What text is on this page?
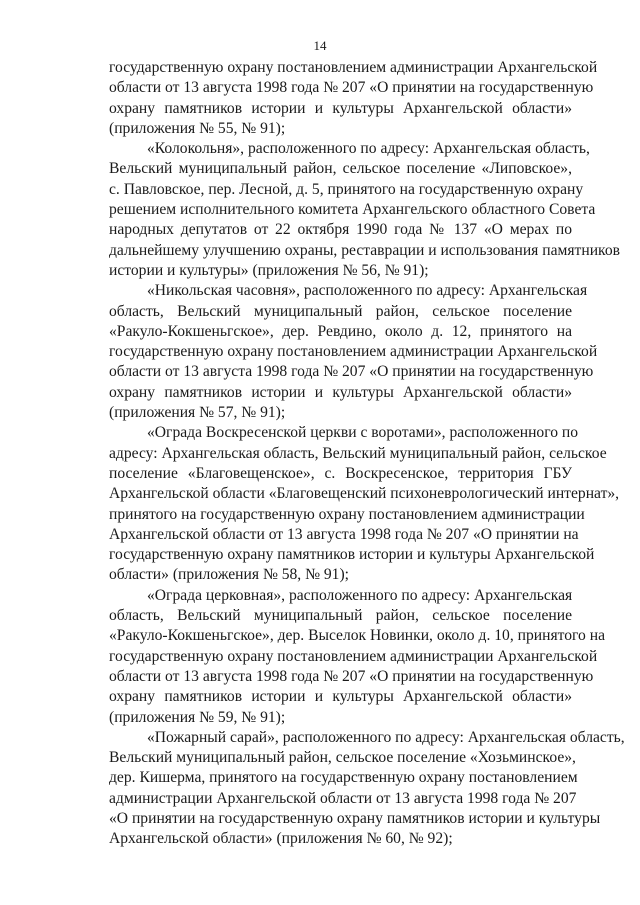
14

государственную охрану постановлением администрации Архангельской
области от 13 августа 1998 года № 207 «О принятии на государственную
охрану памятников истории и культуры Архангельской области»
(приложения № 55, № 91);

«Колокольня», расположенного по адресу: Архангельская область,
Вельский муниципальный район, сельское поселение «Липовское»,
с. Павловское, пер. Лесной, д. 5, принятого на государственную охрану
решением исполнительного комитета Архангельского областного Совета
народных депутатов от 22 октября 1990 года № 137 «О мерах по
дальнейшему улучшению охраны, реставрации и использования памятников
истории и культуры» (приложения № 56, № 91);

«Никольская часовня», расположенного по адресу: Архангельская
область, Вельский муниципальный район, сельское поселение
«Ракуло-Кокшеньгское», дер. Ревдино, около д. 12, принятого на
государственную охрану постановлением администрации Архангельской
области от 13 августа 1998 года № 207 «О принятии на государственную
охрану памятников истории и культуры Архангельской области»
(приложения № 57, № 91);

«Ограда Воскресенской церкви с воротами», расположенного по
адресу: Архангельская область, Вельский муниципальный район, сельское
поселение «Благовещенское», с. Воскресенское, территория ГБУ
Архангельской области «Благовещенский психоневрологический интернат»,
принятого на государственную охрану постановлением администрации
Архангельской области от 13 августа 1998 года № 207 «О принятии на
государственную охрану памятников истории и культуры Архангельской
области» (приложения № 58, № 91);

«Ограда церковная», расположенного по адресу: Архангельская
область, Вельский муниципальный район, сельское поселение
«Ракуло-Кокшеньгское», дер. Выселок Новинки, около д. 10, принятого на
государственную охрану постановлением администрации Архангельской
области от 13 августа 1998 года № 207 «О принятии на государственную
охрану памятников истории и культуры Архангельской области»
(приложения № 59, № 91);

«Пожарный сарай», расположенного по адресу: Архангельская область,
Вельский муниципальный район, сельское поселение «Хозьминское»,
дер. Кишерма, принятого на государственную охрану постановлением
администрации Архангельской области от 13 августа 1998 года № 207
«О принятии на государственную охрану памятников истории и культуры
Архангельской области» (приложения № 60, № 92);
